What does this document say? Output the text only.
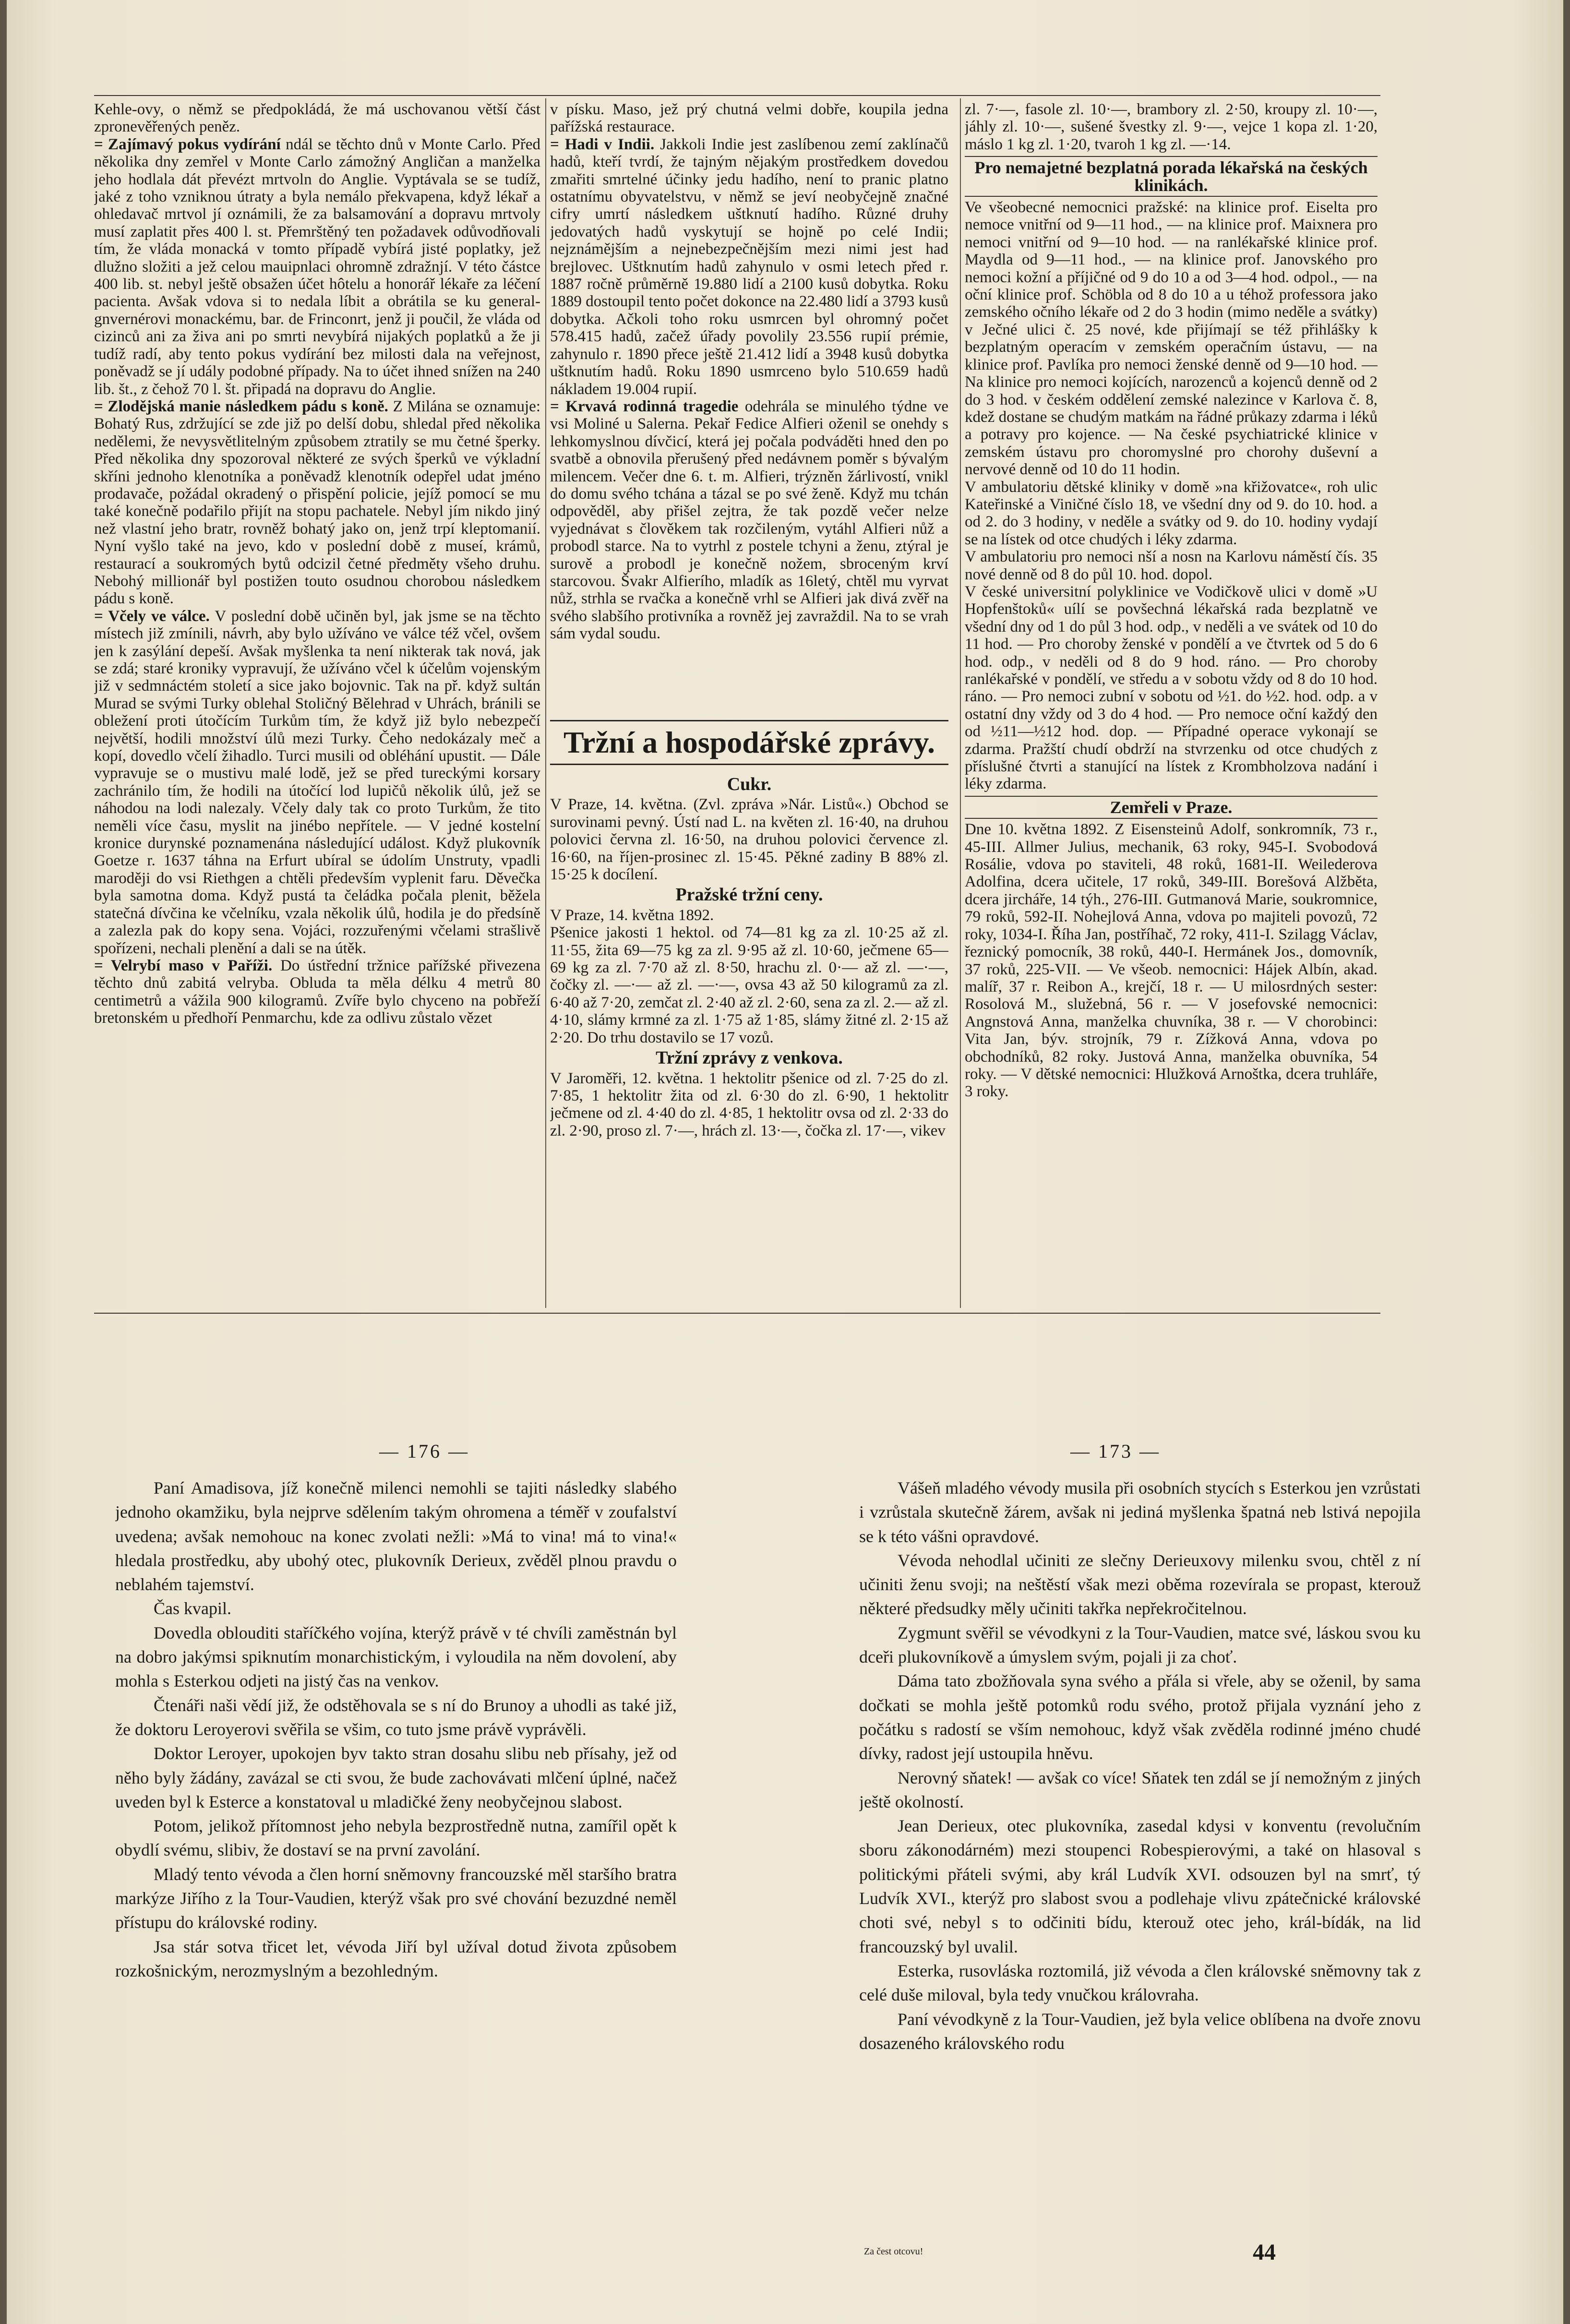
Kehle-ovy, o němž se předpokládá, že má uschovanou větší část zpronevěřených peněz.

= Zajímavý pokus vydírání ndál se těchto dnů v Monte Carlo. Před několika dny zemřel v Monte Carlo zámožný Angličan a manželka jeho hodlala dát převézt mrtvoln do Anglie. Vyptávala se se tudíž, jaké z toho vzniknou útraty a byla nemálo překvapena, když lékař a ohledavač mrtvol jí oznámili, že za balsamování a dopravu mrtvoly musí zaplatit přes 400 l. st. Přemrštěný ten požadavek odůvodňovali tím, že vláda monacká v tomto případě vybírá jisté poplatky, jež dlužno složiti a jež celou mauipnlaci ohromně zdražnjí. V této částce 400 lib. st. nebyl ještě obsažen účet hôtelu a honorář lékaře za léčení pacienta. Avšak vdova si to nedala líbit a obrátila se ku general-gnvernérovi monackému, bar. de Frinconrt, jenž ji poučil, že vláda od cizinců ani za živa ani po smrti nevybírá nijakých poplatků a že ji tudíž radí, aby tento pokus vydírání bez milosti dala na veřejnost, poněvadž se jí udály podobné případy. Na to účet ihned snížen na 240 lib. št., z čehož 70 l. št. připadá na dopravu do Anglie.

= Zlodějská manie následkem pádu s koně. Z Milána se oznamuje: Bohatý Rus, zdržující se zde již po delší dobu, shledal před několika nedělemi, že nevysvětlitelným způsobem ztratily se mu četné šperky. Před několika dny spozoroval některé ze svých šperků ve výkladní skříni jednoho klenotníka a poněvadž klenotník odepřel udat jméno prodavače, požádal okradený o přispění policie, jejíž pomocí se mu také konečně podařilo přijít na stopu pachatele. Nebyl jím nikdo jiný než vlastní jeho bratr, rovněž bohatý jako on, jenž trpí kleptomanií. Nyní vyšlo také na jevo, kdo v poslední době z museí, krámů, restaurací a soukromých bytů odcizil četné předměty všeho druhu. Nebohý millionář byl postižen touto osudnou chorobou následkem pádu s koně.

= Včely ve válce. V poslední době učiněn byl, jak jsme se na těchto místech již zmínili, návrh, aby bylo užíváno ve válce též včel, ovšem jen k zasýlání depeší. Avšak myšlenka ta není nikterak tak nová, jak se zdá; staré kroniky vypravují, že užíváno včel k účelům vojenským již v sedmnáctém století a sice jako bojovnic. Tak na př. když sultán Murad se svými Turky oblehal Stoličný Bělehrad v Uhrách, bránili se obležení proti útočícím Turkům tím, že když již bylo nebezpečí největší, hodili množství úlů mezi Turky. Čeho nedokázaly meč a kopí, dovedlo včelí žihadlo. Turci musili od obléhání upustit. — Dále vypravuje se o mustivu malé lodě, jež se před tureckými korsary zachránilo tím, že hodili na útočící lod lupičů několik úlů, jež se náhodou na lodi nalezaly. Včely daly tak co proto Turkům, že tito neměli více času, myslit na jinébo nepřítele. — V jedné kostelní kronice durynské poznamenána následující událost. Když plukovník Goetze r. 1637 táhna na Erfurt ubíral se údolím Unstruty, vpadli maroději do vsi Riethgen a chtěli především vyplenit faru. Děvečka byla samotna doma. Když pustá ta čeládka počala plenit, běžela statečná dívčina ke včelníku, vzala několik úlů, hodila je do předsíně a zalezla pak do kopy sena. Vojáci, rozzuřenými včelami strašlivě spořízeni, nechali plenění a dali se na útěk.

= Velrybí maso v Paříži. Do ústřední tržnice pařížské přivezena těchto dnů zabitá velryba. Obluda ta měla délku 4 metrů 80 centimetrů a vážila 900 kilogramů. Zvíře bylo chyceno na pobřeží bretonském u předhoří Penmarchu, kde za odlivu zůstalo vězet

v písku. Maso, jež prý chutná velmi dobře, koupila jedna pařížská restaurace.

= Hadi v Indii. Jakkoli Indie jest zaslíbenou zemí zaklínačů hadů, kteří tvrdí, že tajným nějakým prostředkem dovedou zmařiti smrtelné účinky jedu hadího, není to pranic platno ostatnímu obyvatelstvu, v němž se jeví neobyčejně značné cifry umrtí následkem uštknutí hadího. Různé druhy jedovatých hadů vyskytují se hojně po celé Indii; nejznámějším a nejnebezpečnějším mezi nimi jest had brejlovec. Uštknutím hadů zahynulo v osmi letech před r. 1887 ročně průměrně 19.880 lidí a 2100 kusů dobytka. Roku 1889 dostoupil tento počet dokonce na 22.480 lidí a 3793 kusů dobytka. Ačkoli toho roku usmrcen byl ohromný počet 578.415 hadů, začež úřady povolily 23.556 rupií prémie, zahynulo r. 1890 přece ještě 21.412 lidí a 3948 kusů dobytka uštknutím hadů. Roku 1890 usmrceno bylo 510.659 hadů nákladem 19.004 rupií.

= Krvavá rodinná tragedie odehrála se minulého týdne ve vsi Moliné u Salerna. Pekař Fedice Alfieri oženil se onehdy s lehkomyslnou dívčicí, která jej počala podváděti hned den po svatbě a obnovila přerušený před nedávnem poměr s bývalým milencem. Večer dne 6. t. m. Alfieri, trýzněn žárlivostí, vnikl do domu svého tchána a tázal se po své ženě. Když mu tchán odpověděl, aby přišel zejtra, že tak pozdě večer nelze vyjednávat s člověkem tak rozčileným, vytáhl Alfieri nůž a probodl starce. Na to vytrhl z postele tchyni a ženu, ztýral je surově a probodl je konečně nožem, sbroceným krví starcovou. Švakr Alfierího, mladík as 16letý, chtěl mu vyrvat nůž, strhla se rvačka a konečně vrhl se Alfieri jak divá zvěř na svého slabšího protivníka a rovněž jej zavraždil. Na to se vrah sám vydal soudu.

Tržní a hospodářské zprávy.
Cukr.

V Praze, 14. května. (Zvl. zpráva »Nár. Listů«.) Obchod se surovinami pevný. Ústí nad L. na květen zl. 16·40, na druhou polovici června zl. 16·50, na druhou polovici července zl. 16·60, na říjen-prosinec zl. 15·45. Pěkné zadiny B 88% zl. 15·25 k docílení.

Pražské tržní ceny.

V Praze, 14. května 1892.

Pšenice jakosti 1 hektol. od 74—81 kg za zl. 10·25 až zl. 11·55, žita 69—75 kg za zl. 9·95 až zl. 10·60, ječmene 65—69 kg za zl. 7·70 až zl. 8·50, hrachu zl. 0·— až zl. —·—, čočky zl. —·— až zl. —·—, ovsa 43 až 50 kilogramů za zl. 6·40 až 7·20, zemčat zl. 2·40 až zl. 2·60, sena za zl. 2.— až zl. 4·10, slámy krmné za zl. 1·75 až 1·85, slámy žitné zl. 2·15 až 2·20. Do trhu dostavilo se 17 vozů.

Tržní zprávy z venkova.

V Jaroměři, 12. května. 1 hektolitr pšenice od zl. 7·25 do zl. 7·85, 1 hektolitr žita od zl. 6·30 do zl. 6·90, 1 hektolitr ječmene od zl. 4·40 do zl. 4·85, 1 hektolitr ovsa od zl. 2·33 do zl. 2·90, proso zl. 7·—, hrách zl. 13·—, čočka zl. 17·—, vikev

zl. 7·—, fasole zl. 10·—, brambory zl. 2·50, kroupy zl. 10·—, jáhly zl. 10·—, sušené švestky zl. 9·—, vejce 1 kopa zl. 1·20, máslo 1 kg zl. 1·20, tvaroh 1 kg zl. —·14.

Pro nemajetné bezplatná porada lékařská na českých klinikách.

Ve všeobecné nemocnici pražské: na klinice prof. Eiselta pro nemoce vnitřní od 9—11 hod., — na klinice prof. Maixnera pro nemoci vnitřní od 9—10 hod. — na ranlékařské klinice prof. Maydla od 9—11 hod., — na klinice prof. Janovského pro nemoci kožní a příjičné od 9 do 10 a od 3—4 hod. odpol., — na oční klinice prof. Schöbla od 8 do 10 a u téhož professora jako zemského očního lékaře od 2 do 3 hodin (mimo neděle a svátky) v Ječné ulici č. 25 nové, kde přijímají se též přihlášky k bezplatným operacím v zemském operačním ústavu, — na klinice prof. Pavlíka pro nemoci ženské denně od 9—10 hod. — Na klinice pro nemoci kojících, narozenců a kojenců denně od 2 do 3 hod. v českém oddělení zemské nalezince v Karlova č. 8, kdež dostane se chudým matkám na řádné průkazy zdarma i léků a potravy pro kojence. — Na české psychiatrické klinice v zemském ústavu pro choromyslné pro chorohy duševní a nervové denně od 10 do 11 hodin.

V ambulatoriu dětské kliniky v domě »na křižovatce«, roh ulic Kateřinské a Viničné číslo 18, ve všední dny od 9. do 10. hod. a od 2. do 3 hodiny, v neděle a svátky od 9. do 10. hodiny vydají se na lístek od otce chudých i léky zdarma.

V ambulatoriu pro nemoci nší a nosn na Karlovu náměstí čís. 35 nové denně od 8 do půl 10. hod. dopol.

V české universitní polyklinice ve Vodičkově ulici v domě »U Hopfenštoků« uílí se povšechná lékařská rada bezplatně ve všední dny od 1 do půl 3 hod. odp., v neděli a ve svátek od 10 do 11 hod. — Pro choroby ženské v pondělí a ve čtvrtek od 5 do 6 hod. odp., v neděli od 8 do 9 hod. ráno. — Pro choroby ranlékařské v pondělí, ve středu a v sobotu vždy od 8 do 10 hod. ráno. — Pro nemoci zubní v sobotu od ½1. do ½2. hod. odp. a v ostatní dny vždy od 3 do 4 hod. — Pro nemoce oční každý den od ½11—½12 hod. dop. — Případné operace vykonají se zdarma. Pražští chudí obdrží na stvrzenku od otce chudých z příslušné čtvrti a stanující na lístek z Krombholzova nadání i léky zdarma.

Zemřeli v Praze.

Dne 10. května 1892. Z Eisensteinů Adolf, sonkromník, 73 r., 45-III. Allmer Julius, mechanik, 63 roky, 945-I. Svobodová Rosálie, vdova po staviteli, 48 roků, 1681-II. Weilederova Adolfina, dcera učitele, 17 roků, 349-III. Borešová Alžběta, dcera jircháře, 14 týh., 276-III. Gutmanová Marie, soukromnice, 79 roků, 592-II. Nohejlová Anna, vdova po majiteli povozů, 72 roky, 1034-I. Říha Jan, postříhač, 72 roky, 411-I. Szilagg Václav, řeznický pomocník, 38 roků, 440-I. Hermánek Jos., domovník, 37 roků, 225-VII. — Ve všeob. nemocnici: Hájek Albín, akad. malíř, 37 r. Reibon A., krejčí, 18 r. — U milosrdných sester: Rosolová M., služebná, 56 r. — V josefovské nemocnici: Angnstová Anna, manželka chuvníka, 38 r. — V chorobinci: Vita Jan, býv. strojník, 79 r. Zížková Anna, vdova po obchodníků, 82 roky. Justová Anna, manželka obuvníka, 54 roky. — V dětské nemocnici: Hlužková Arnoštka, dcera truhláře, 3 roky.

— 176 —	— 173 —

Paní Amadisova, jíž konečně milenci nemohli se tajiti následky slabého jednoho okamžiku, byla nejprve sdělením takým ohromena a téměř v zoufalství uvedena; avšak nemohouc na konec zvolati nežli: »Má to vina! má to vina!« hledala prostředku, aby ubohý otec, plukovník Derieux, zvěděl plnou pravdu o neblahém tajemství.

Čas kvapil.

Dovedla oblouditi staříčkého vojína, kterýž právě v té chvíli zaměstnán byl na dobro jakýmsi spiknutím monarchistickým, i vyloudila na něm dovolení, aby mohla s Esterkou odjeti na jistý čas na venkov.

Čtenáři naši vědí již, že odstěhovala se s ní do Brunoy a uhodli as také již, že doktoru Leroyerovi svěřila se všim, co tuto jsme právě vyprávěli.

Doktor Leroyer, upokojen byv takto stran dosahu slibu neb přísahy, jež od něho byly žádány, zavázal se cti svou, že bude zachovávati mlčení úplné, načež uveden byl k Esterce a konstatoval u mladičké ženy neobyčejnou slabost.

Potom, jelikož přítomnost jeho nebyla bezprostředně nutna, zamířil opět k obydlí svému, slibiv, že dostaví se na první zavolání.

Mladý tento vévoda a člen horní sněmovny francouzské měl staršího bratra markýze Jiřího z la Tour-Vaudien, kterýž však pro své chování bezuzdné neměl přístupu do královské rodiny.

Jsa stár sotva třicet let, vévoda Jiří byl užíval dotud života způsobem rozkošnickým, nerozmyslným a bezohledným.

Vášeň mladého vévody musila při osobních stycích s Esterkou jen vzrůstati i vzrůstala skutečně žárem, avšak ni jediná myšlenka špatná neb lstivá nepojila se k této vášni opravdové.

Vévoda nehodlal učiniti ze slečny Derieuxovy milenku svou, chtěl z ní učiniti ženu svoji; na neštěstí však mezi oběma rozevírala se propast, kterouž některé předsudky měly učiniti takřka nepřekročitelnou.

Zygmunt svěřil se vévodkyni z la Tour-Vaudien, matce své, láskou svou ku dceři plukovníkově a úmyslem svým, pojali ji za choť.

Dáma tato zbožňovala syna svého a přála si vřele, aby se oženil, by sama dočkati se mohla ještě potomků rodu svého, protož přijala vyznání jeho z počátku s radostí se vším nemohouc, když však zvěděla rodinné jméno chudé dívky, radost její ustoupila hněvu.

Nerovný sňatek! — avšak co více! Sňatek ten zdál se jí nemožným z jiných ještě okolností.

Jean Derieux, otec plukovníka, zasedal kdysi v konventu (revolučním sboru zákonodárném) mezi stoupenci Robespierovými, a také on hlasoval s politickými přáteli svými, aby král Ludvík XVI. odsouzen byl na smrť, tý Ludvík XVI., kterýž pro slabost svou a podlehaje vlivu zpátečnické královské choti své, nebyl s to odčiniti bídu, kterouž otec jeho, král-bídák, na lid francouzský byl uvalil.

Esterka, rusovláska roztomilá, již vévoda a člen královské sněmovny tak z celé duše miloval, byla tedy vnučkou královraha.

Paní vévodkyně z la Tour-Vaudien, jež byla velice oblíbena na dvoře znovu dosazeného královského rodu

Za čest otcovu!	44
